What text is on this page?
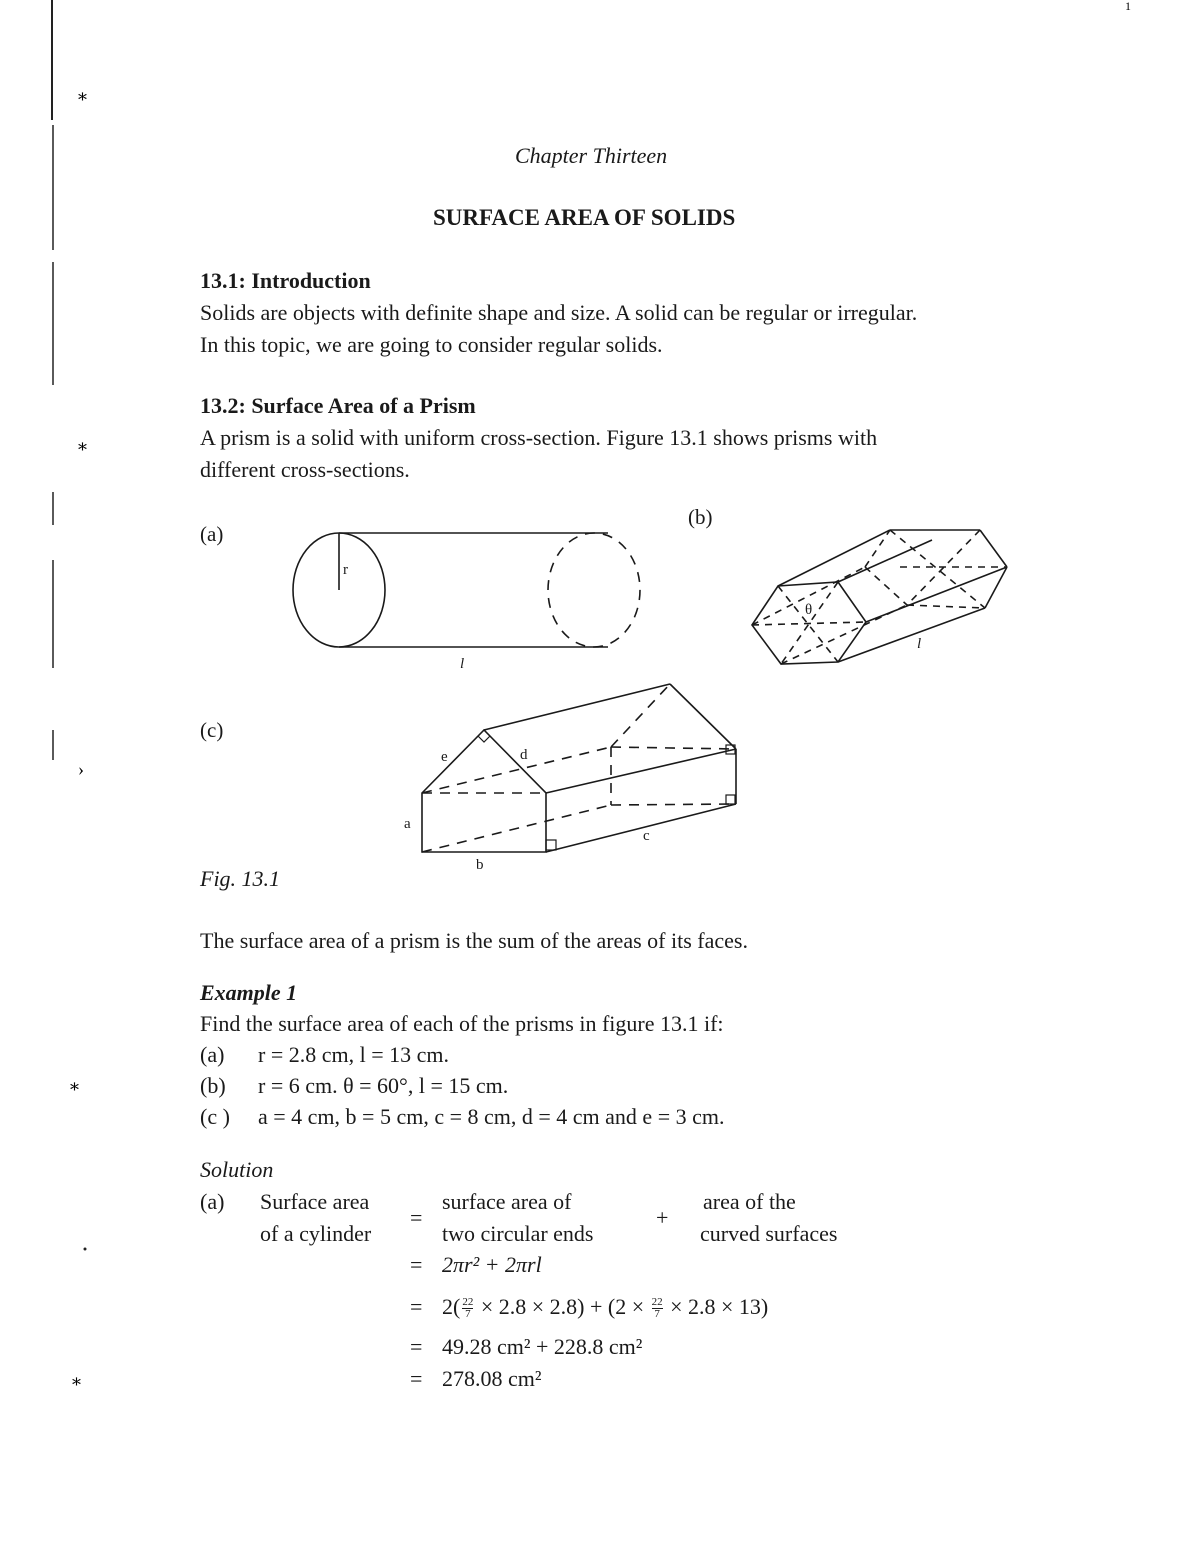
⁎
⁎
›
⁎
⁎
1
Chapter Thirteen
SURFACE AREA OF SOLIDS
13.1: Introduction
Solids are objects with definite shape and size. A solid can be regular or irregular.
In this topic, we are going to consider regular solids.
13.2: Surface Area of a Prism
A prism is a solid with uniform cross-section. Figure 13.1 shows prisms with
different cross-sections.
r
l
θ
l
e	d
a
b
c
(a)
(b)
(c)
Fig. 13.1
The surface area of a prism is the sum of the areas of its faces.
Example 1
Find the surface area of each of the prisms in figure 13.1 if:
(a) r = 2.8 cm, l = 13 cm.
(b) r = 6 cm. θ = 60°, l = 15 cm.
(c ) a = 4 cm, b = 5 cm, c = 8 cm, d = 4 cm and e = 3 cm.
Solution
(a) Surface area
of a cylinder
=
surface area of
two circular ends
+
area of the
curved surfaces
= 2πr² + 2πrl
= $2( \frac{22}{7} \times 2.8 \times 2.8) + (2 \times \frac{22}{7} \times 2.8 \times 13)$
= 49.28 cm² + 228.8 cm²
= 278.08 cm²
